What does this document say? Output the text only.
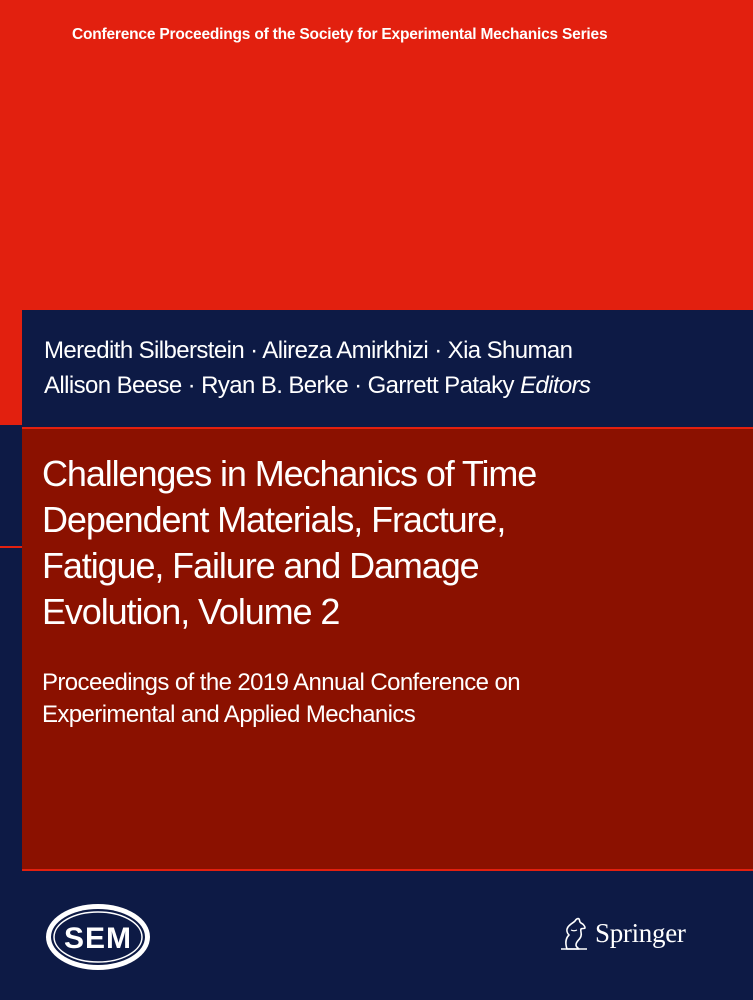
Conference Proceedings of the Society for Experimental Mechanics Series
Meredith Silberstein · Alireza Amirkhizi · Xia Shuman
Allison Beese · Ryan B. Berke · Garrett Pataky Editors
Challenges in Mechanics of Time
Dependent Materials, Fracture,
Fatigue, Failure and Damage
Evolution, Volume 2
Proceedings of the 2019 Annual Conference on
Experimental and Applied Mechanics
SEM	Springer
